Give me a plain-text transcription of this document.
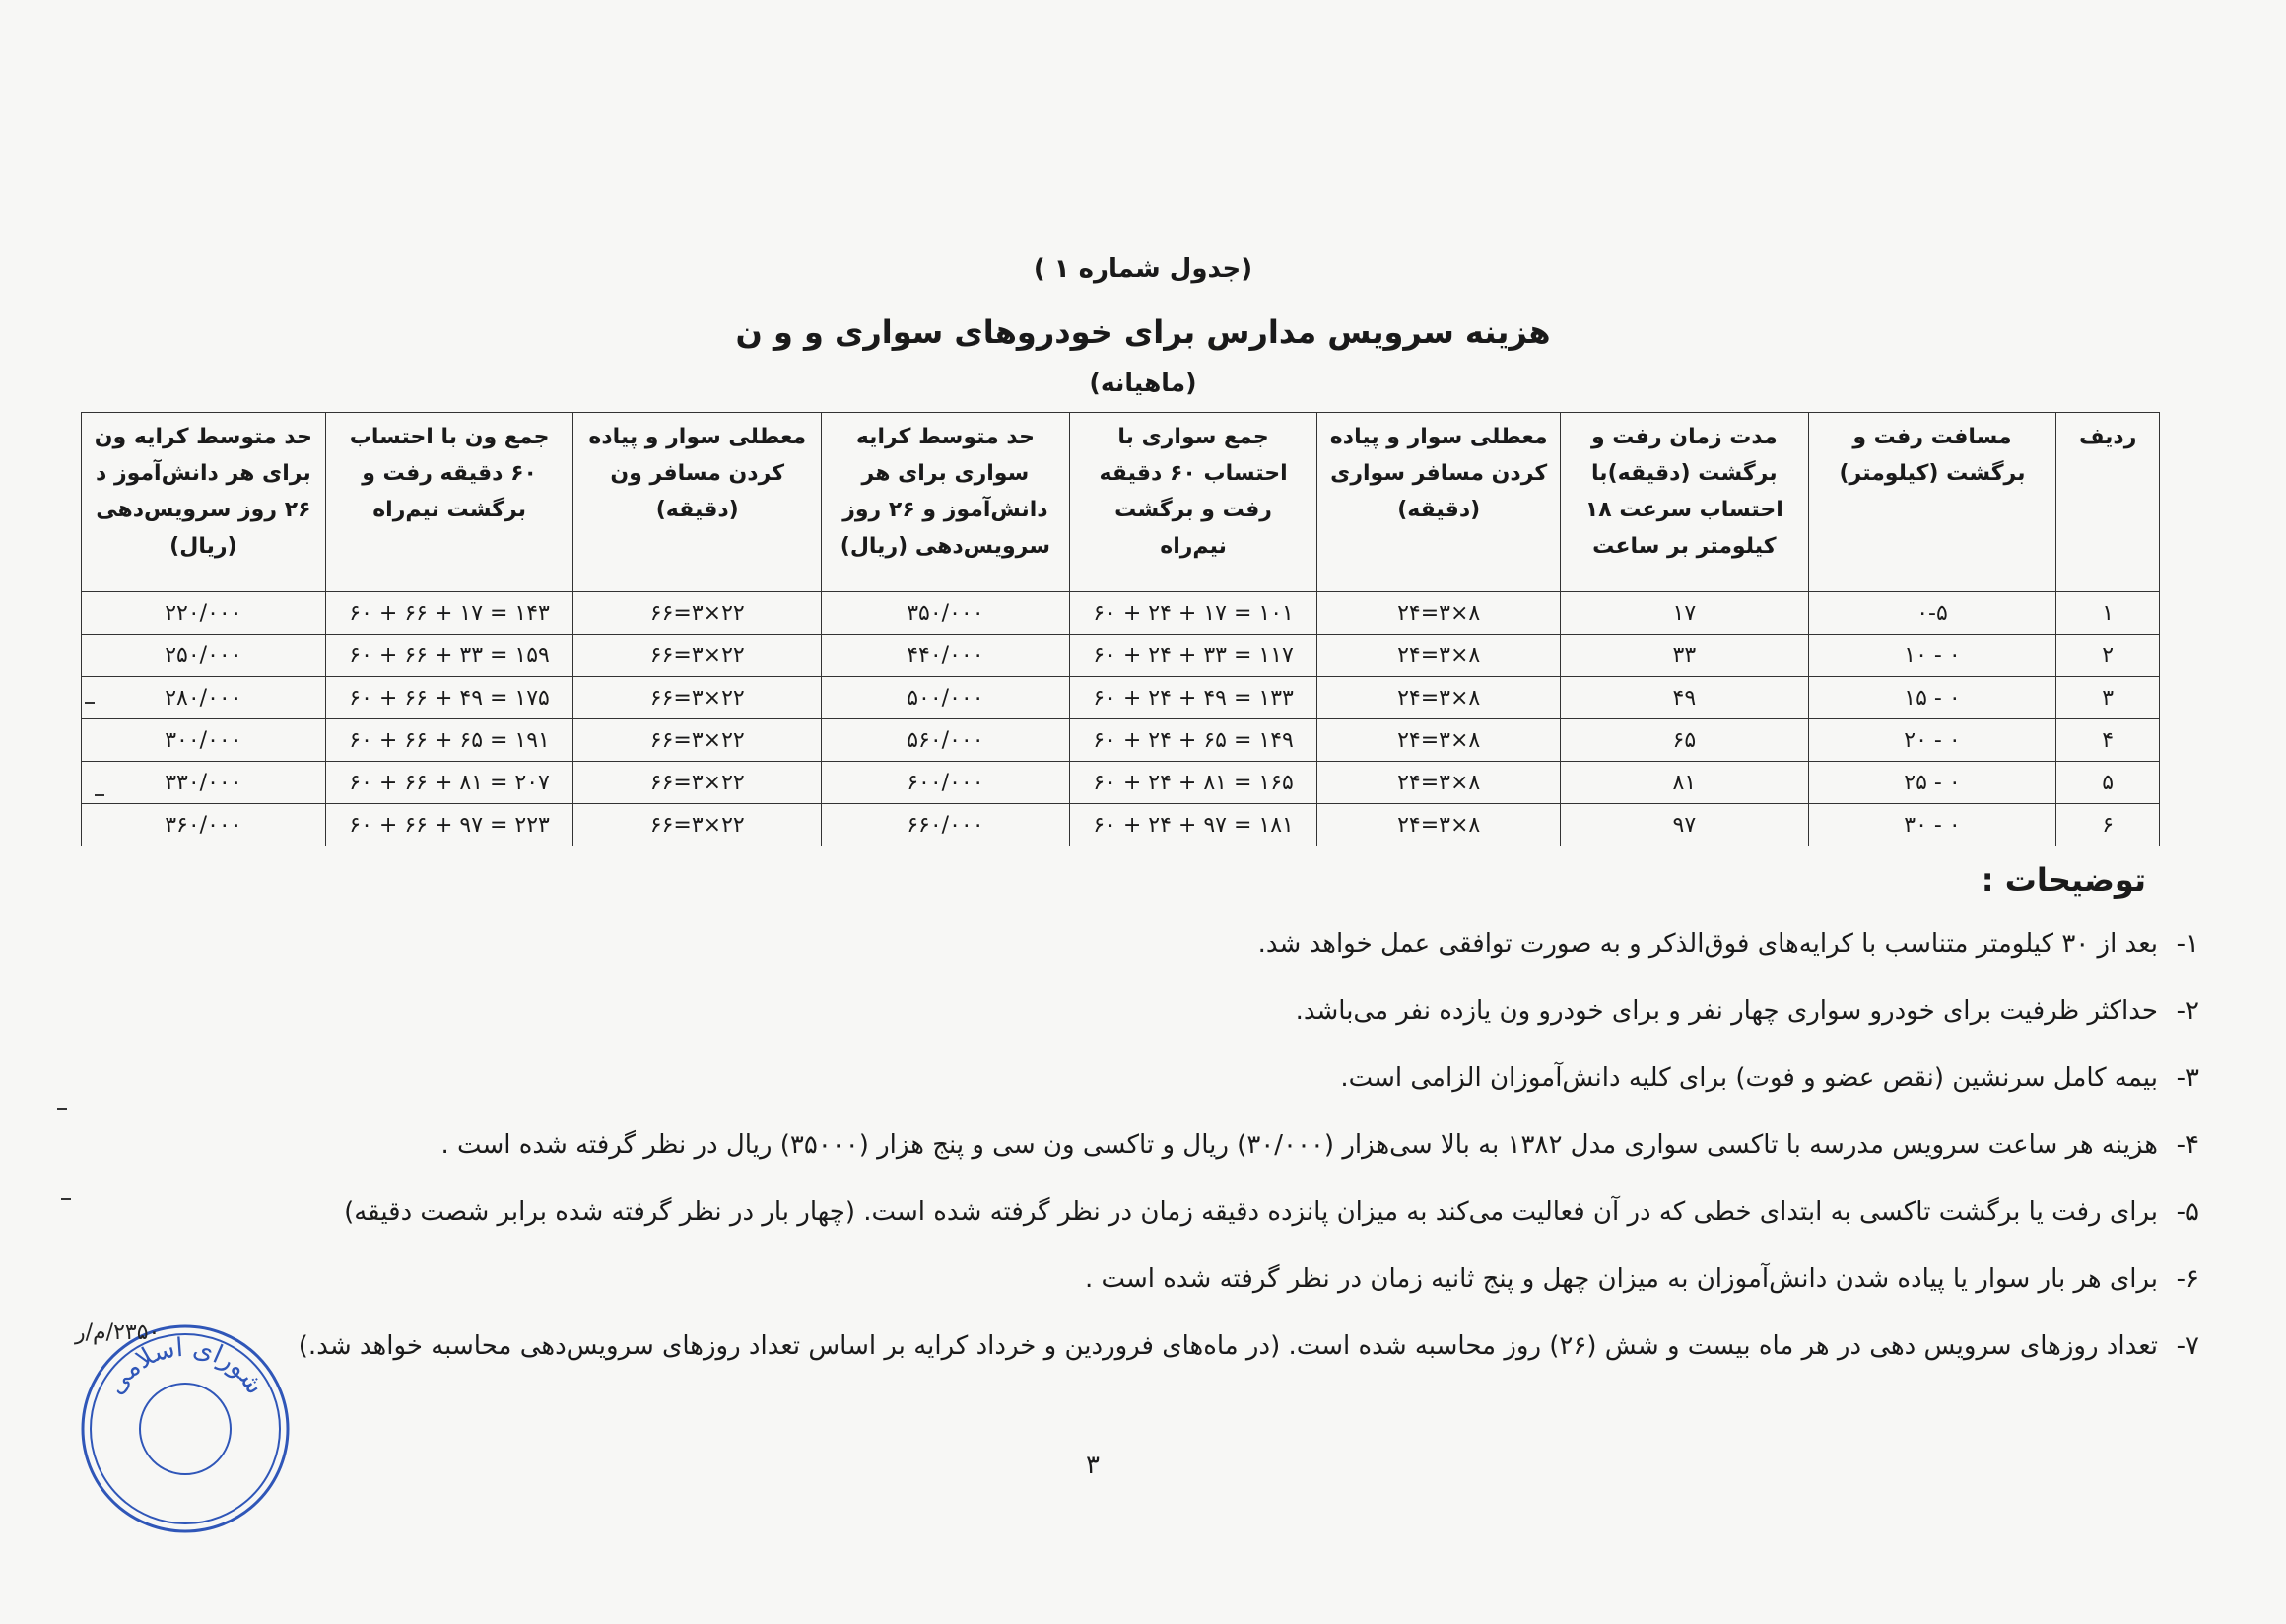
(جدول شماره ۱ )
هزینه سرویس مدارس برای خودروهای سواری و و ن
(ماهیانه)
ردیف	مسافت رفت و برگشت (کیلومتر)	مدت زمان رفت و برگشت (دقیقه)با احتساب سرعت ۱۸ کیلومتر بر ساعت	معطلی سوار و پیاده کردن مسافر سواری (دقیقه)	جمع سواری با احتساب ۶۰ دقیقه رفت و برگشت نیم‌راه	حد متوسط کرایه سواری برای هر دانش‌آموز و ۲۶ روز سرویس‌دهی (ریال)	معطلی سوار و پیاده کردن مسافر ون (دقیقه)	جمع ون با احتساب ۶۰ دقیقه رفت و برگشت نیم‌راه	حد متوسط کرایه ون برای هر دانش‌آموز د ۲۶ روز سرویس‌دهی (ریال)
۱	۰-۵	۱۷	۲۴=۳×۸	۶۰ + ۲۴ + ۱۷ = ۱۰۱	۳۵۰/۰۰۰	۶۶=۳×۲۲	۶۰ + ۶۶ + ۱۷ = ۱۴۳	۲۲۰/۰۰۰
۲	۱۰ - ۰	۳۳	۲۴=۳×۸	۶۰ + ۲۴ + ۳۳ = ۱۱۷	۴۴۰/۰۰۰	۶۶=۳×۲۲	۶۰ + ۶۶ + ۳۳ = ۱۵۹	۲۵۰/۰۰۰
۳	۱۵ - ۰	۴۹	۲۴=۳×۸	۶۰ + ۲۴ + ۴۹ = ۱۳۳	۵۰۰/۰۰۰	۶۶=۳×۲۲	۶۰ + ۶۶ + ۴۹ = ۱۷۵	۲۸۰/۰۰۰
۴	۲۰ - ۰	۶۵	۲۴=۳×۸	۶۰ + ۲۴ + ۶۵ = ۱۴۹	۵۶۰/۰۰۰	۶۶=۳×۲۲	۶۰ + ۶۶ + ۶۵ = ۱۹۱	۳۰۰/۰۰۰
۵	۲۵ - ۰	۸۱	۲۴=۳×۸	۶۰ + ۲۴ + ۸۱ = ۱۶۵	۶۰۰/۰۰۰	۶۶=۳×۲۲	۶۰ + ۶۶ + ۸۱ = ۲۰۷	۳۳۰/۰۰۰
۶	۳۰ - ۰	۹۷	۲۴=۳×۸	۶۰ + ۲۴ + ۹۷ = ۱۸۱	۶۶۰/۰۰۰	۶۶=۳×۲۲	۶۰ + ۶۶ + ۹۷ = ۲۲۳	۳۶۰/۰۰۰
توضیحات :
۱-بعد از ۳۰ کیلومتر متناسب با کرایه‌های فوق‌الذکر و به صورت توافقی عمل خواهد شد.
۲-حداکثر ظرفیت برای خودرو سواری چهار نفر و برای خودرو ون یازده نفر می‌باشد.
۳-بیمه کامل سرنشین (نقص عضو و فوت) برای کلیه دانش‌آموزان الزامی است.
۴-هزینه هر ساعت سرویس مدرسه با تاکسی سواری مدل ۱۳۸۲ به بالا سی‌هزار (۳۰/۰۰۰) ریال و تاکسی ون سی و پنج هزار (۳۵۰۰۰) ریال در نظر گرفته شده است .
۵-برای رفت یا برگشت تاکسی به ابتدای خطی که در آن فعالیت می‌کند به میزان پانزده دقیقه زمان در نظر گرفته شده است. (چهار بار در نظر گرفته شده برابر شصت دقیقه)
۶-برای هر بار سوار یا پیاده شدن دانش‌آموزان به میزان چهل و پنج ثانیه زمان در نظر گرفته شده است .
۷-تعداد روزهای سرویس دهی در هر ماه بیست و شش (۲۶) روز محاسبه شده است. (در ماه‌های فروردین و خرداد کرایه بر اساس تعداد روزهای سرویس‌دهی محاسبه خواهد شد.)
شورای اسلامی
۲۳۵۰/م/ر
۳
